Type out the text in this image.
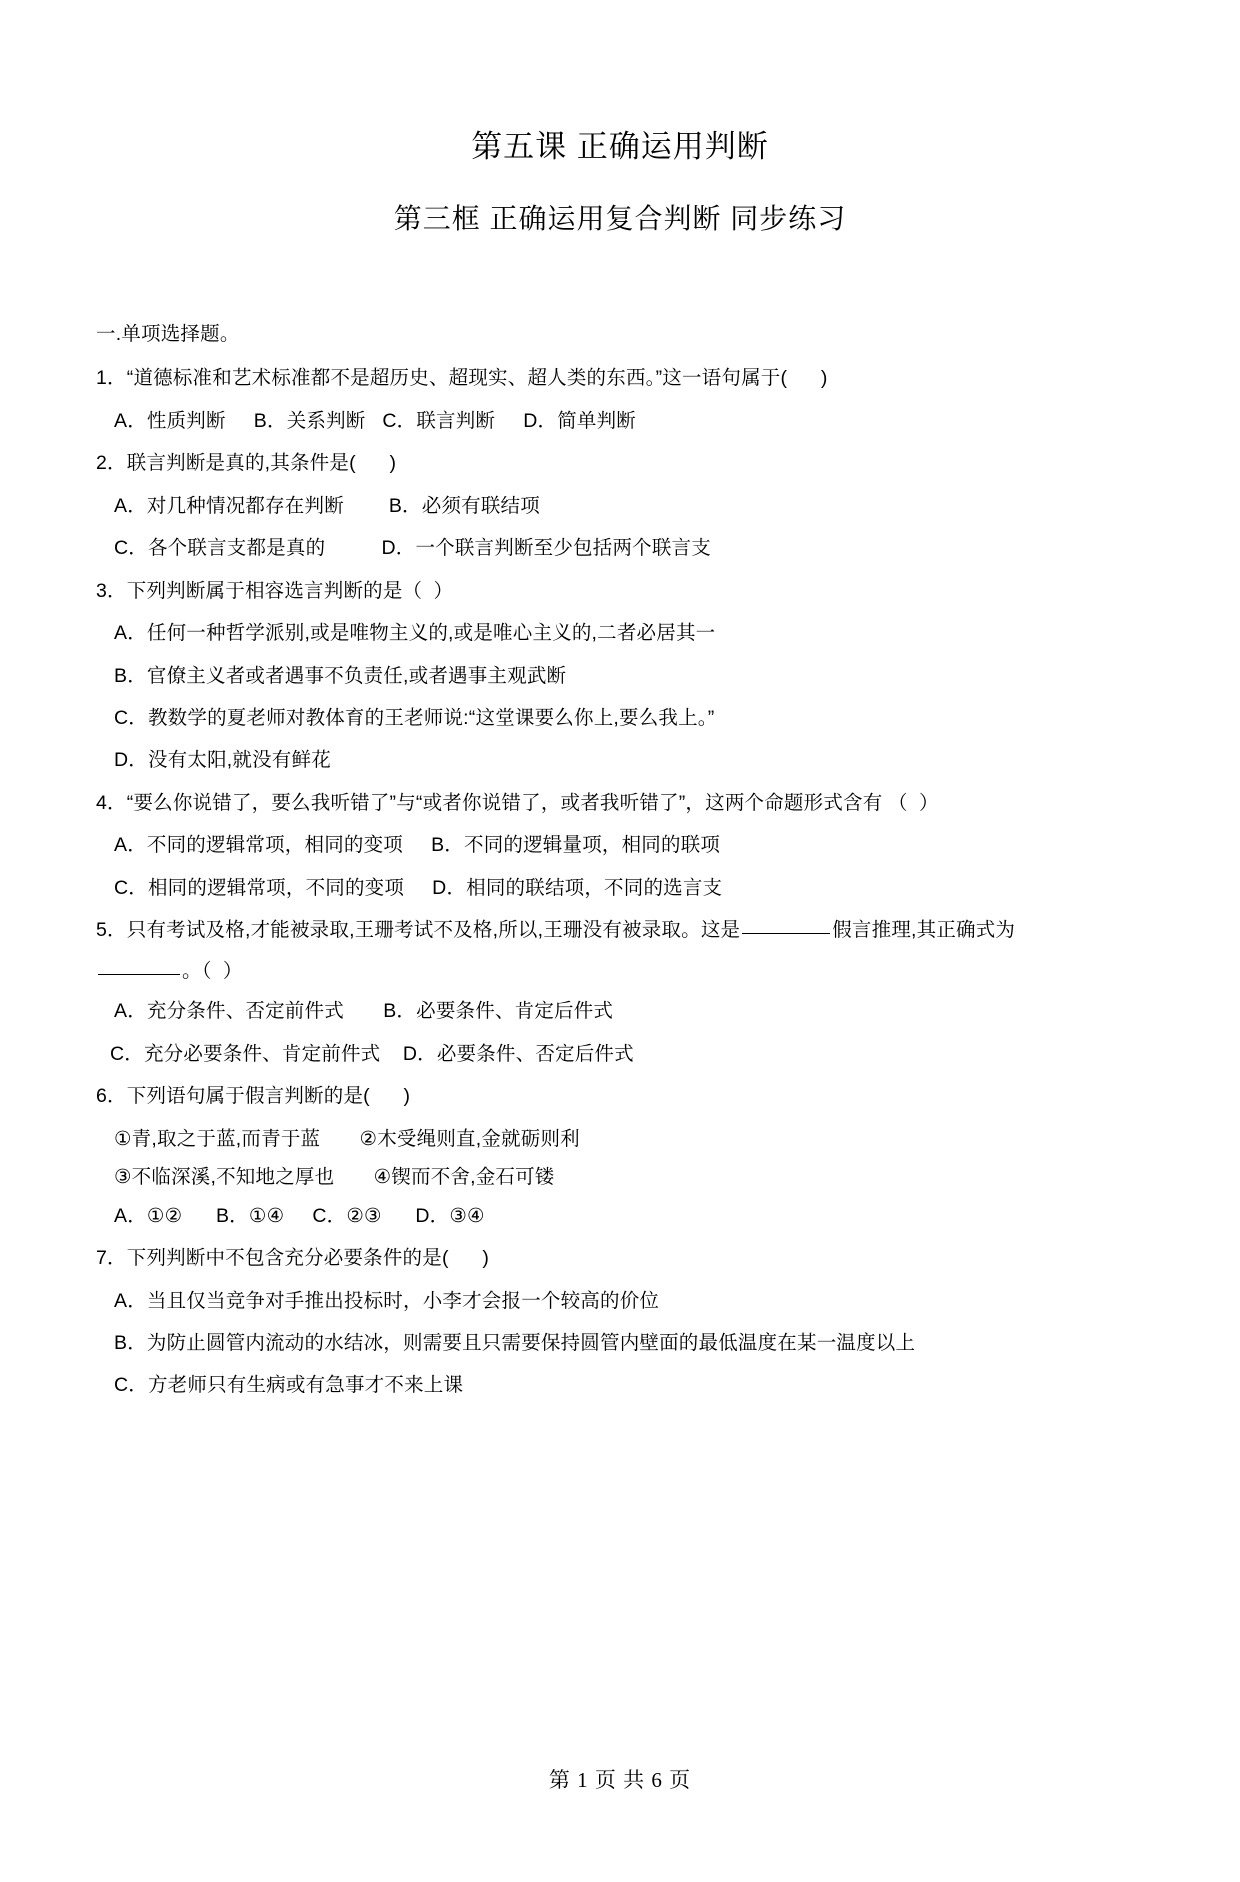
第五课 正确运用判断
第三框 正确运用复合判断 同步练习
一.单项选择题。
1．“道德标准和艺术标准都不是超历史、超现实、超人类的东西。”这一语句属于(      )
A．性质判断     B．关系判断   C．联言判断     D．简单判断
2．联言判断是真的,其条件是(      )
A．对几种情况都存在判断        B．必须有联结项
C．各个联言支都是真的          D．一个联言判断至少包括两个联言支
3．下列判断属于相容选言判断的是（  ）
A．任何一种哲学派别,或是唯物主义的,或是唯心主义的,二者必居其一
B．官僚主义者或者遇事不负责任,或者遇事主观武断
C．教数学的夏老师对教体育的王老师说:“这堂课要么你上,要么我上。”
D．没有太阳,就没有鲜花
4．“要么你说错了，要么我听错了”与“或者你说错了，或者我听错了”，这两个命题形式含有 （  ）
A．不同的逻辑常项，相同的变项     B．不同的逻辑量项，相同的联项
C．相同的逻辑常项，不同的变项     D．相同的联结项，不同的选言支
5．只有考试及格,才能被录取,王珊考试不及格,所以,王珊没有被录取。这是	假言推理,其正确式为
。（  ）
A．充分条件、否定前件式       B．必要条件、肯定后件式
C．充分必要条件、肯定前件式    D．必要条件、否定后件式
6．下列语句属于假言判断的是(      )
①青,取之于蓝,而青于蓝       ②木受绳则直,金就砺则利
③不临深溪,不知地之厚也       ④锲而不舍,金石可镂
A．①②      B．①④     C．②③      D．③④
7．下列判断中不包含充分必要条件的是(      )
A．当且仅当竞争对手推出投标时，小李才会报一个较高的价位
B．为防止圆管内流动的水结冰，则需要且只需要保持圆管内壁面的最低温度在某一温度以上
C．方老师只有生病或有急事才不来上课
第 1 页 共 6 页
